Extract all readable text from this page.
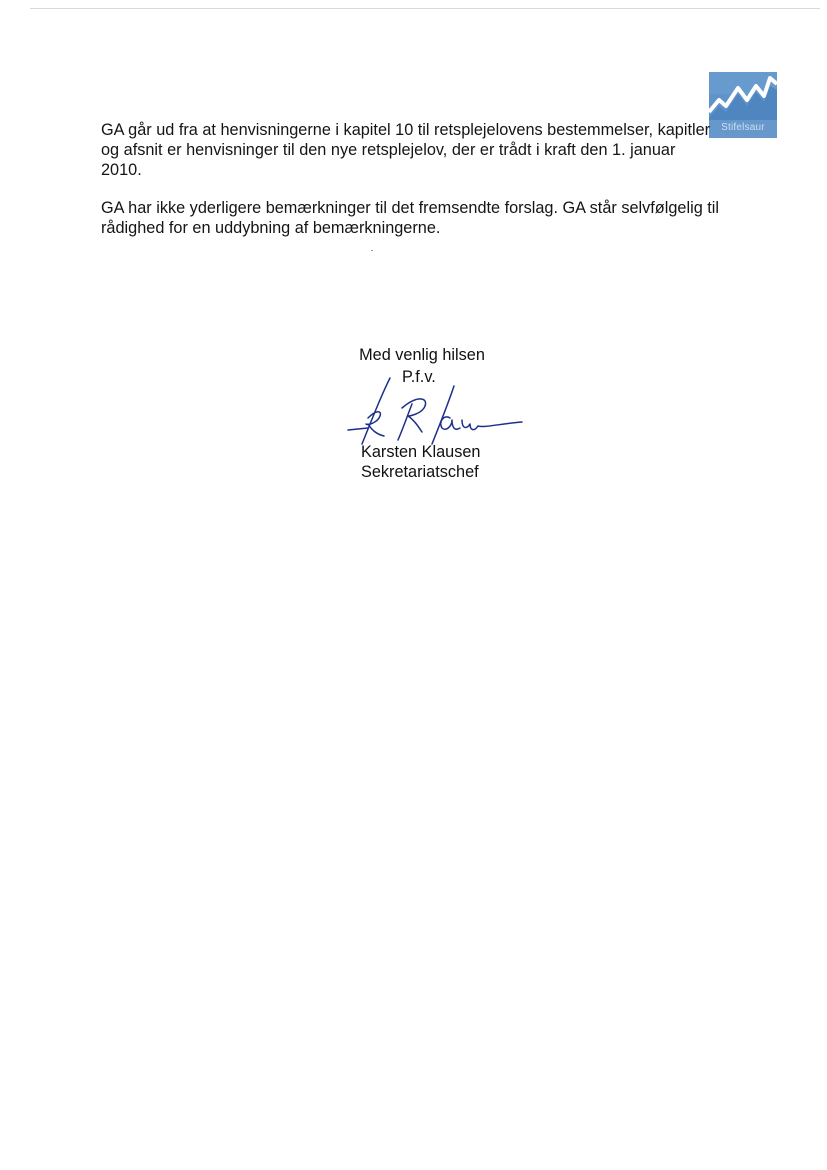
Stifelsaur

GA går ud fra at henvisningerne i kapitel 10 til retsplejelovens bestemmelser, kapitler og afsnit er henvisninger til den nye retsplejelov, der er trådt i kraft den 1. januar 2010.

GA har ikke yderligere bemærkninger til det fremsendte forslag. GA står selvfølgelig til rådighed for en uddybning af bemærkningerne.

Med venlig hilsen
P.f.v.
Karsten Klausen
Sekretariatschef
